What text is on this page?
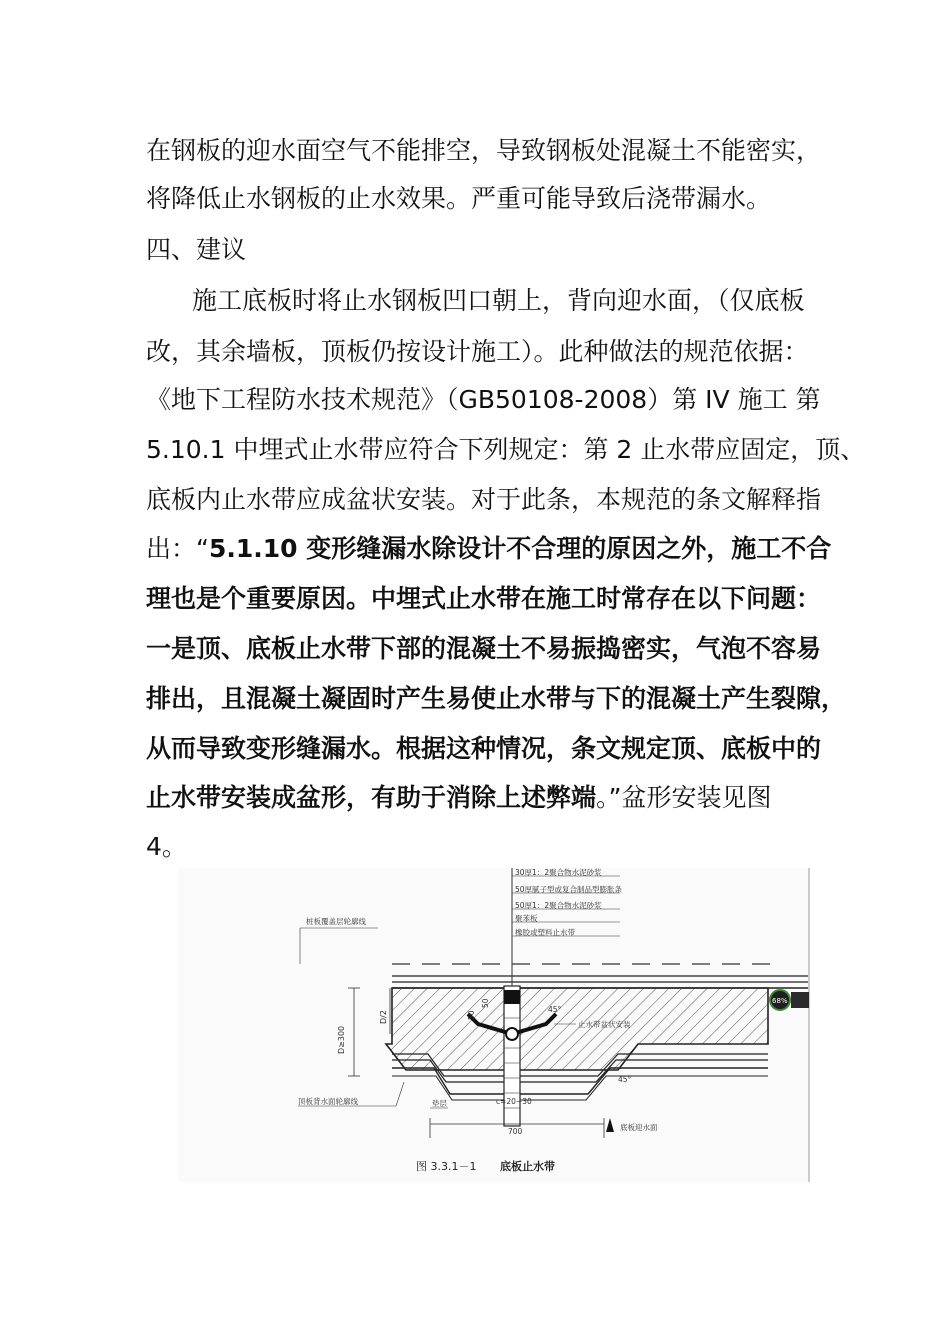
在钢板的迎水面空气不能排空，导致钢板处混凝土不能密实，
将降低止水钢板的止水效果。严重可能导致后浇带漏水。
四、建议
施工底板时将止水钢板凹口朝上，背向迎水面，（仅底板
改，其余墙板，顶板仍按设计施工）。此种做法的规范依据：
《地下工程防水技术规范》（GB50108-2008）第 IV 施工 第
5.10.1 中埋式止水带应符合下列规定：第 2 止水带应固定，顶、
底板内止水带应成盆状安装。对于此条，本规范的条文解释指
出：“5.1.10 变形缝漏水除设计不合理的原因之外，施工不合
理也是个重要原因。中埋式止水带在施工时常存在以下问题：
一是顶、底板止水带下部的混凝土不易振捣密实，气泡不容易
排出，且混凝土凝固时产生易使止水带与下的混凝土产生裂隙，
从而导致变形缝漏水。根据这种情况，条文规定顶、底板中的
止水带安装成盆形，有助于消除上述弊端。”盆形安装见图
4。
30厚1：2聚合物水泥砂浆
50厚腻子型或复合制品型膨胀条
50厚1：2聚合物水泥砂浆
聚苯板
橡胶或塑料止水带
桩板覆盖层轮廓线
D≥300
D/2	50
50
45°
45°
止水带盆状安装
顶板背水面轮廓线	垫层	c=20~30
700	底板迎水面
图 3.3.1－1 底板止水带
68%
